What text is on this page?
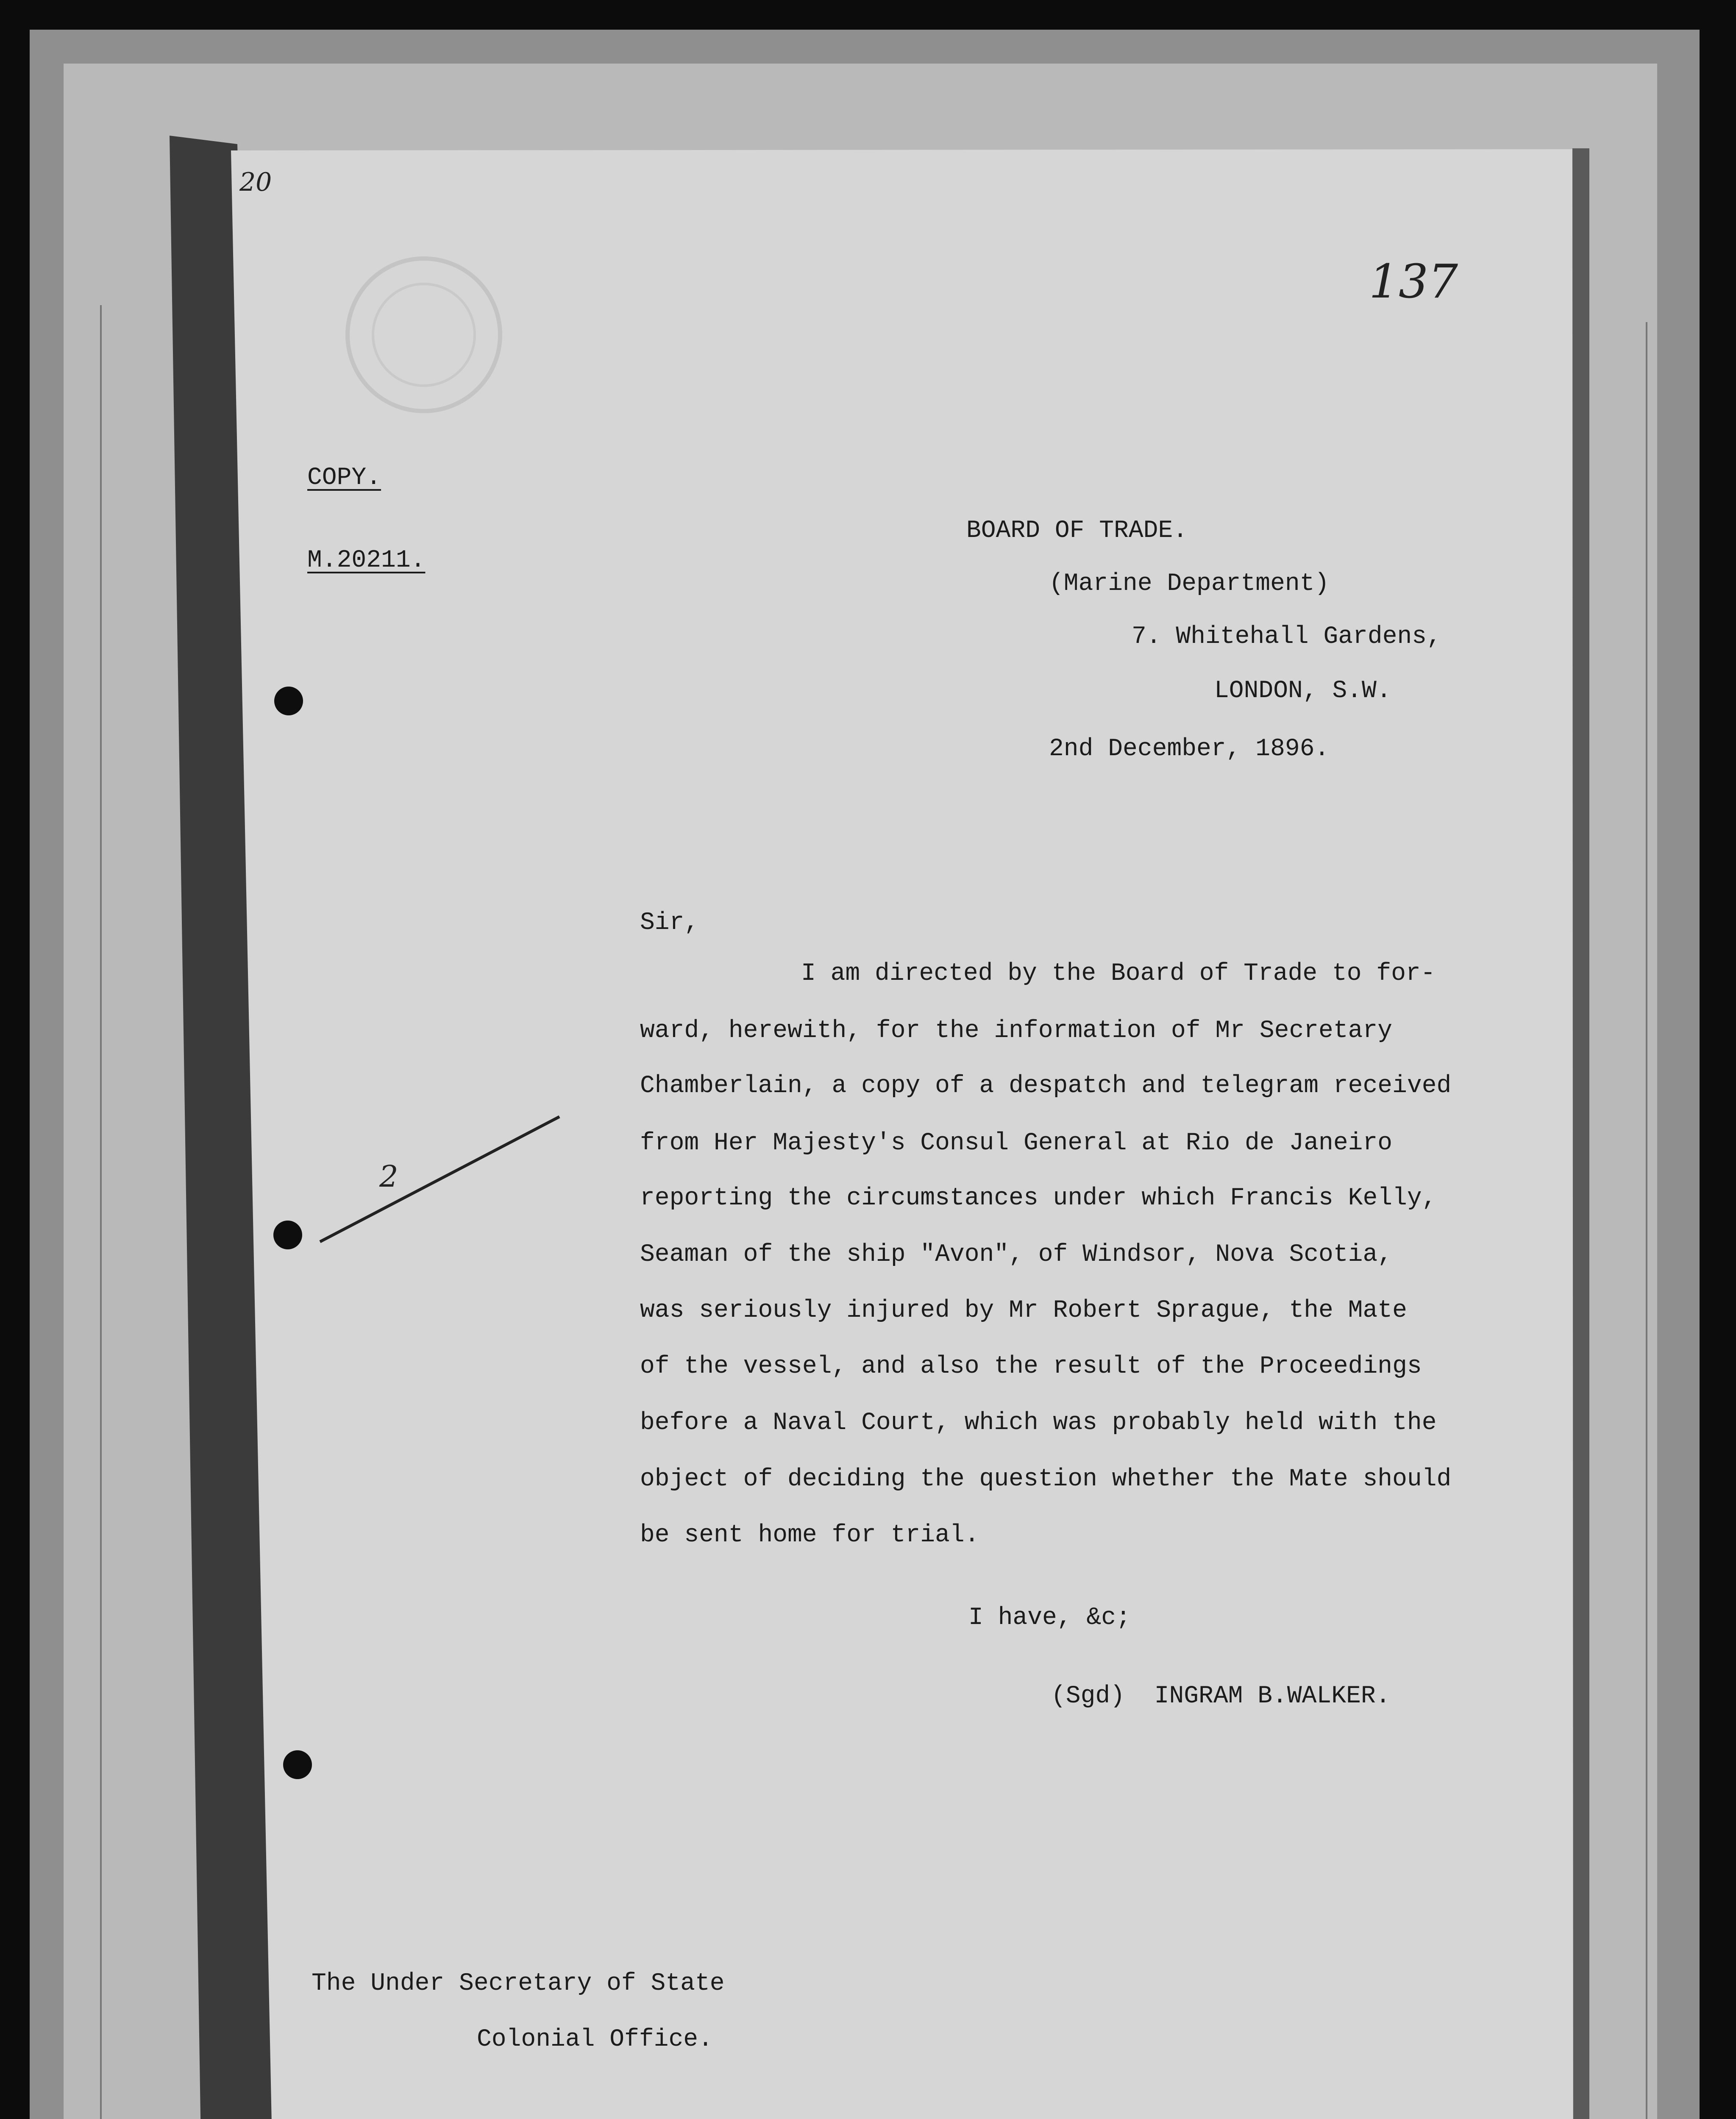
20
137
2
COPY.
M.20211.
BOARD OF TRADE.
(Marine Department)
7. Whitehall Gardens,
LONDON, S.W.
2nd December, 1896.
Sir,
I am directed by the Board of Trade to for-
ward, herewith, for the information of Mr Secretary
Chamberlain, a copy of a despatch and telegram received
from Her Majesty's Consul General at Rio de Janeiro
reporting the circumstances under which Francis Kelly,
Seaman of the ship "Avon", of Windsor, Nova Scotia,
was seriously injured by Mr Robert Sprague, the Mate
of the vessel, and also the result of the Proceedings
before a Naval Court, which was probably held with the
object of deciding the question whether the Mate should
be sent home for trial.
I have, &c;
(Sgd)  INGRAM B.WALKER.
The Under Secretary of State
Colonial Office.
